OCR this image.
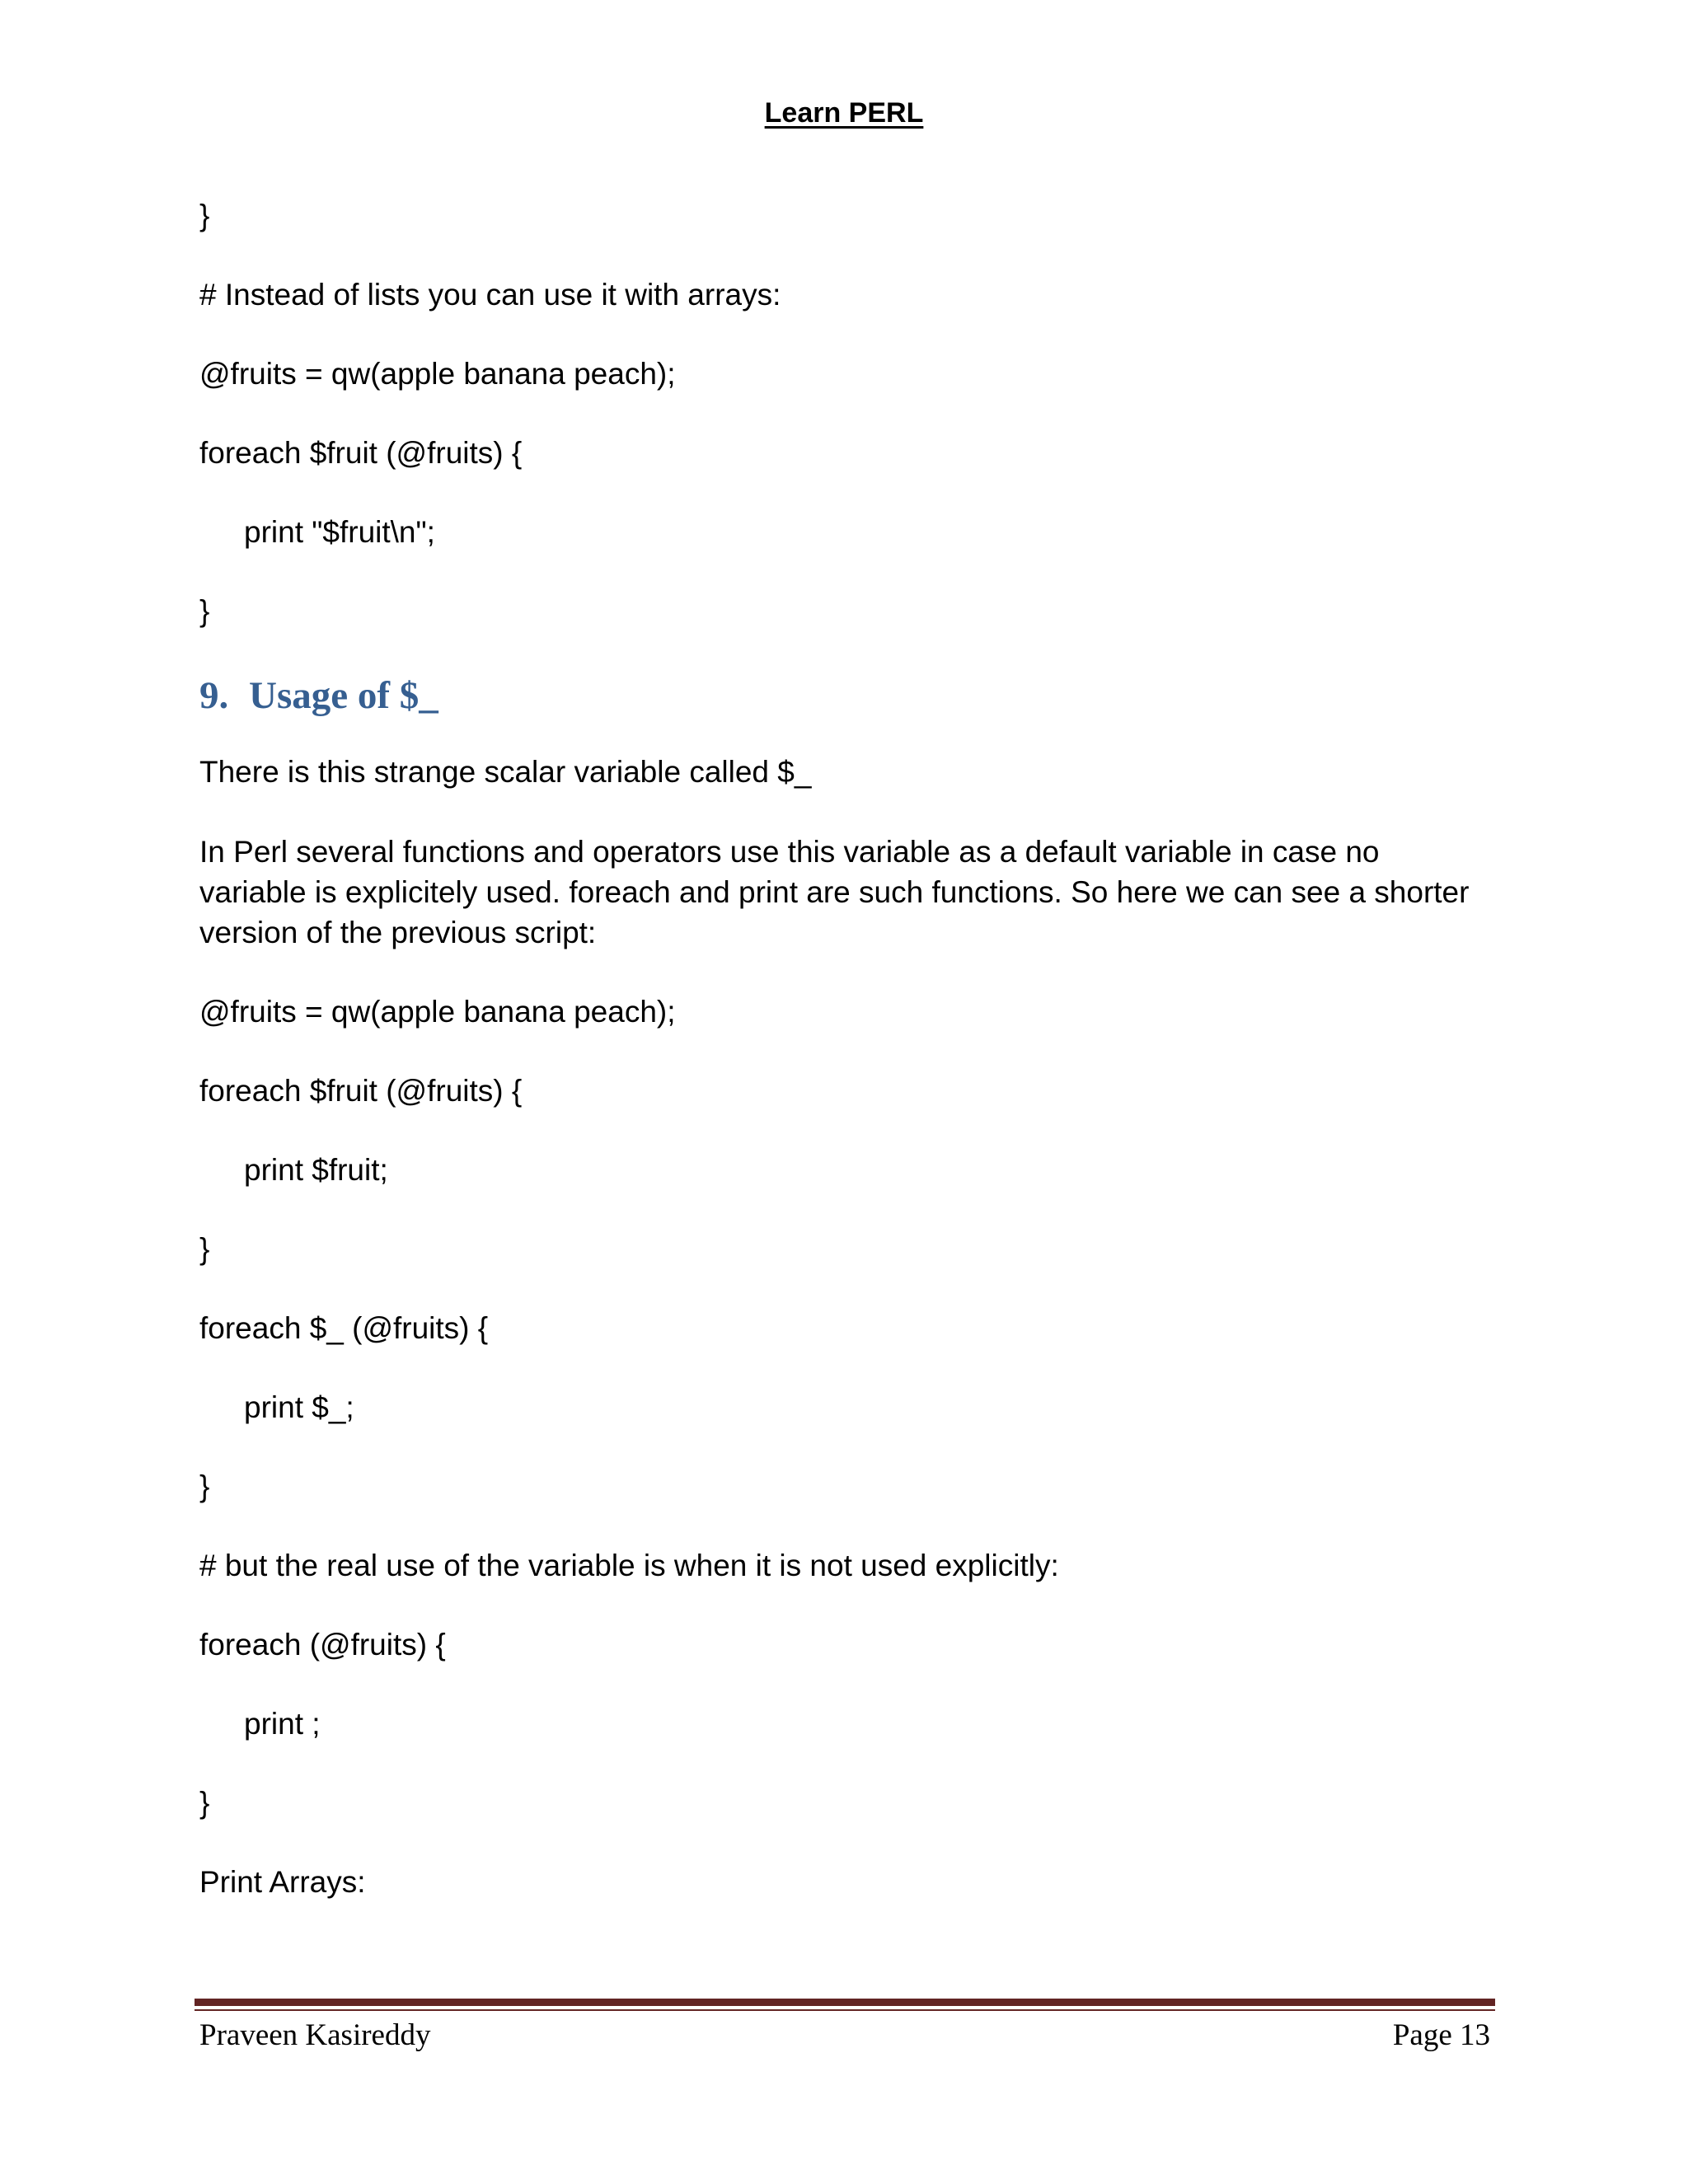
Learn PERL
}
# Instead of lists you can use it with arrays:
@fruits = qw(apple banana peach);
foreach $fruit (@fruits) {
print "$fruit\n";
}
9. Usage of $_
There is this strange scalar variable called $_
In Perl several functions and operators use this variable as a default variable in case no variable is explicitely used. foreach and print are such functions. So here we can see a shorter version of the previous script:
@fruits = qw(apple banana peach);
foreach $fruit (@fruits) {
print $fruit;
}
foreach $_ (@fruits) {
print $_;
}
# but the real use of the variable is when it is not used explicitly:
foreach (@fruits) {
print ;
}
Print Arrays:
Praveen Kasireddy	Page 13
